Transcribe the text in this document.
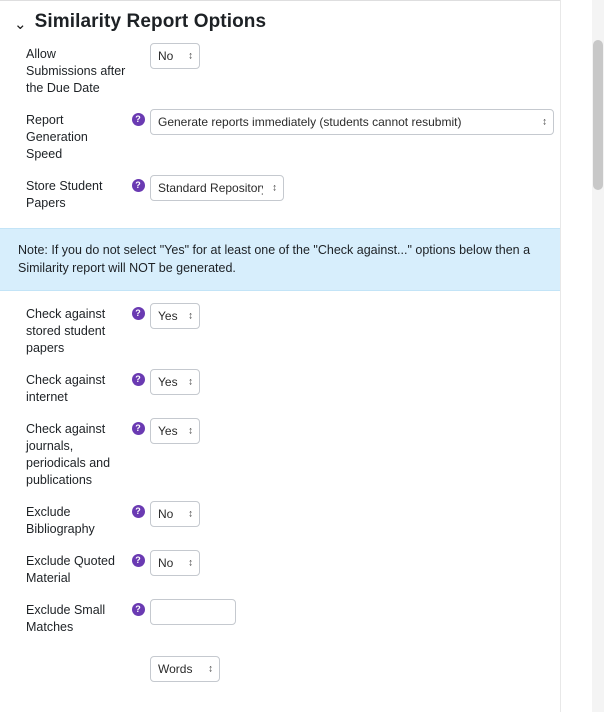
⌄ Similarity Report Options
Allow Submissions after the Due Date
No ↕
Report Generation Speed
?
Generate reports immediately (students cannot resubmit) ↕
Store Student Papers
?
Standard Repository ↕
Note: If you do not select "Yes" for at least one of the "Check against..." options below then a Similarity report will NOT be generated.
Check against stored student papers
?
Yes ↕
Check against internet
?
Yes ↕
Check against journals, periodicals and publications
?
Yes ↕
Exclude Bibliography
?
No ↕
Exclude Quoted Material
?
No ↕
Exclude Small Matches
?
Words ↕
